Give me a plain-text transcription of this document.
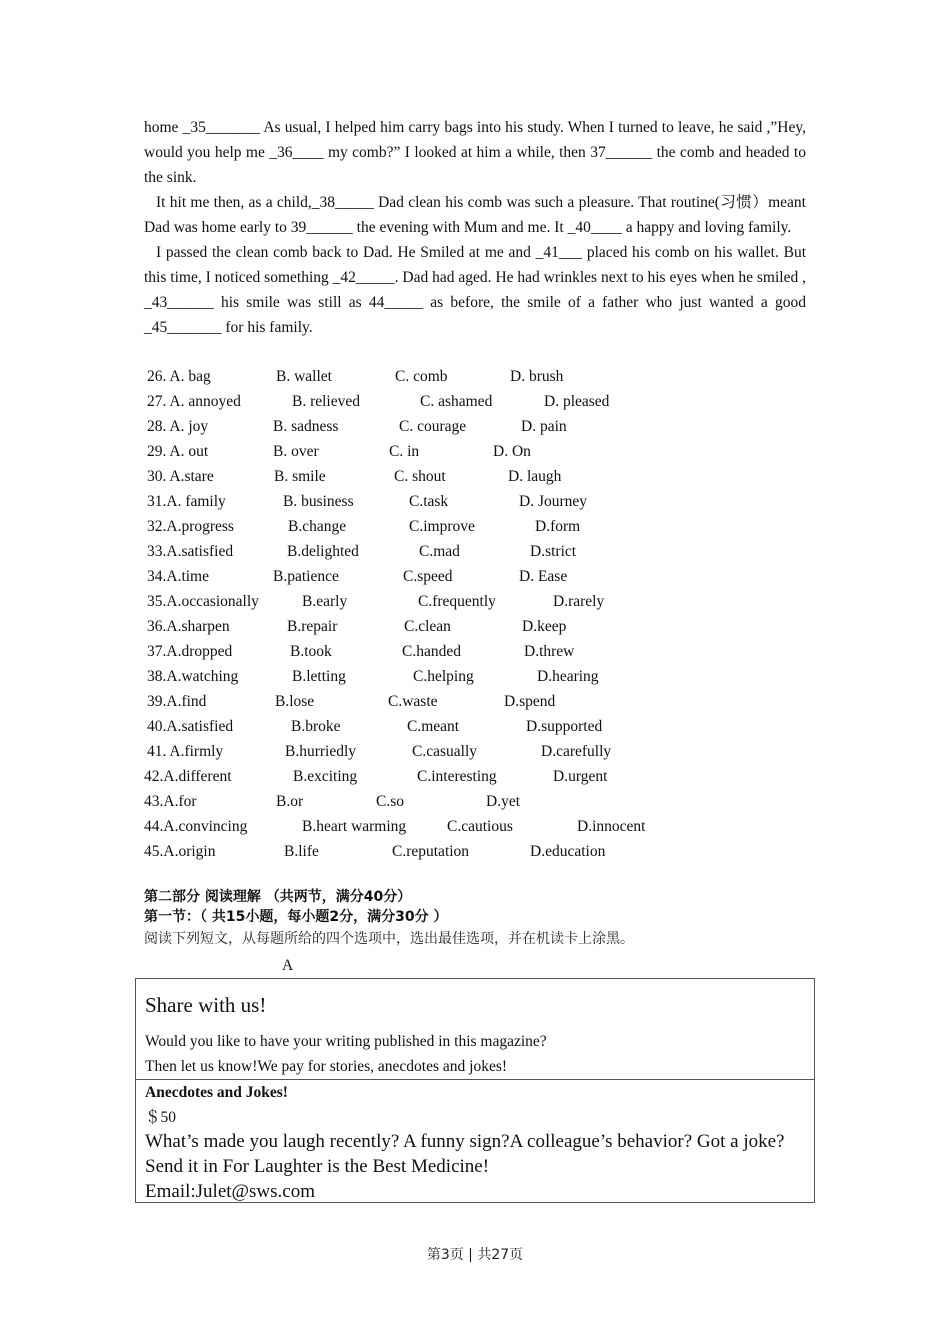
home _35_______ As usual, I helped him carry bags into his study. When I turned to leave, he said ,”Hey, would you help me _36____ my comb?” I looked at him a while, then 37______ the comb and headed to the sink.

It hit me then, as a child,_38_____ Dad clean his comb was such a pleasure. That routine(习惯）meant Dad was home early to 39______ the evening with Mum and me. It _40____ a happy and loving family.

I passed the clean comb back to Dad. He Smiled at me and _41___ placed his comb on his wallet. But this time, I noticed something _42_____. Dad had aged. He had wrinkles next to his eyes when he smiled , _43______ his smile was still as 44_____ as before, the smile of a father who just wanted a good _45_______ for his family.

26. A. bag	B. wallet	C. comb	D. brush
27. A. annoyed	B. relieved	C. ashamed	D. pleased
28. A. joy	B. sadness	C. courage	D. pain
29. A. out	B. over	C. in	D. On
30. A.stare	B. smile	C. shout	D. laugh
31.A. family	B. business	C.task	D. Journey
32.A.progress	B.change	C.improve	D.form
33.A.satisfied	B.delighted	C.mad	D.strict
34.A.time	B.patience	C.speed	D. Ease
35.A.occasionally	B.early	C.frequently	D.rarely
36.A.sharpen	B.repair	C.clean	D.keep
37.A.dropped	B.took	C.handed	D.threw
38.A.watching	B.letting	C.helping	D.hearing
39.A.find	B.lose	C.waste	D.spend
40.A.satisfied	B.broke	C.meant	D.supported
41. A.firmly	B.hurriedly	C.casually	D.carefully
42.A.different	B.exciting	C.interesting	D.urgent
43.A.for	B.or	C.so	D.yet
44.A.convincing	B.heart warming	C.cautious	D.innocent
45.A.origin	B.life	C.reputation	D.education
第二部分 阅读理解 （共两节，满分40分）
第一节：（ 共15小题，每小题2分，满分30分 ）
阅读下列短文，从每题所给的四个选项中，选出最佳选项，并在机读卡上涂黑。
A
Share with us!
Would you like to have your writing published in this magazine?
Then let us know!We pay for stories, anecdotes and jokes!
Anecdotes and Jokes!
＄50
What’s made you laugh recently? A funny sign?A colleague’s behavior? Got a joke?
Send it in For Laughter is the Best Medicine!
Email:Julet@sws.com
第3页 | 共27页
